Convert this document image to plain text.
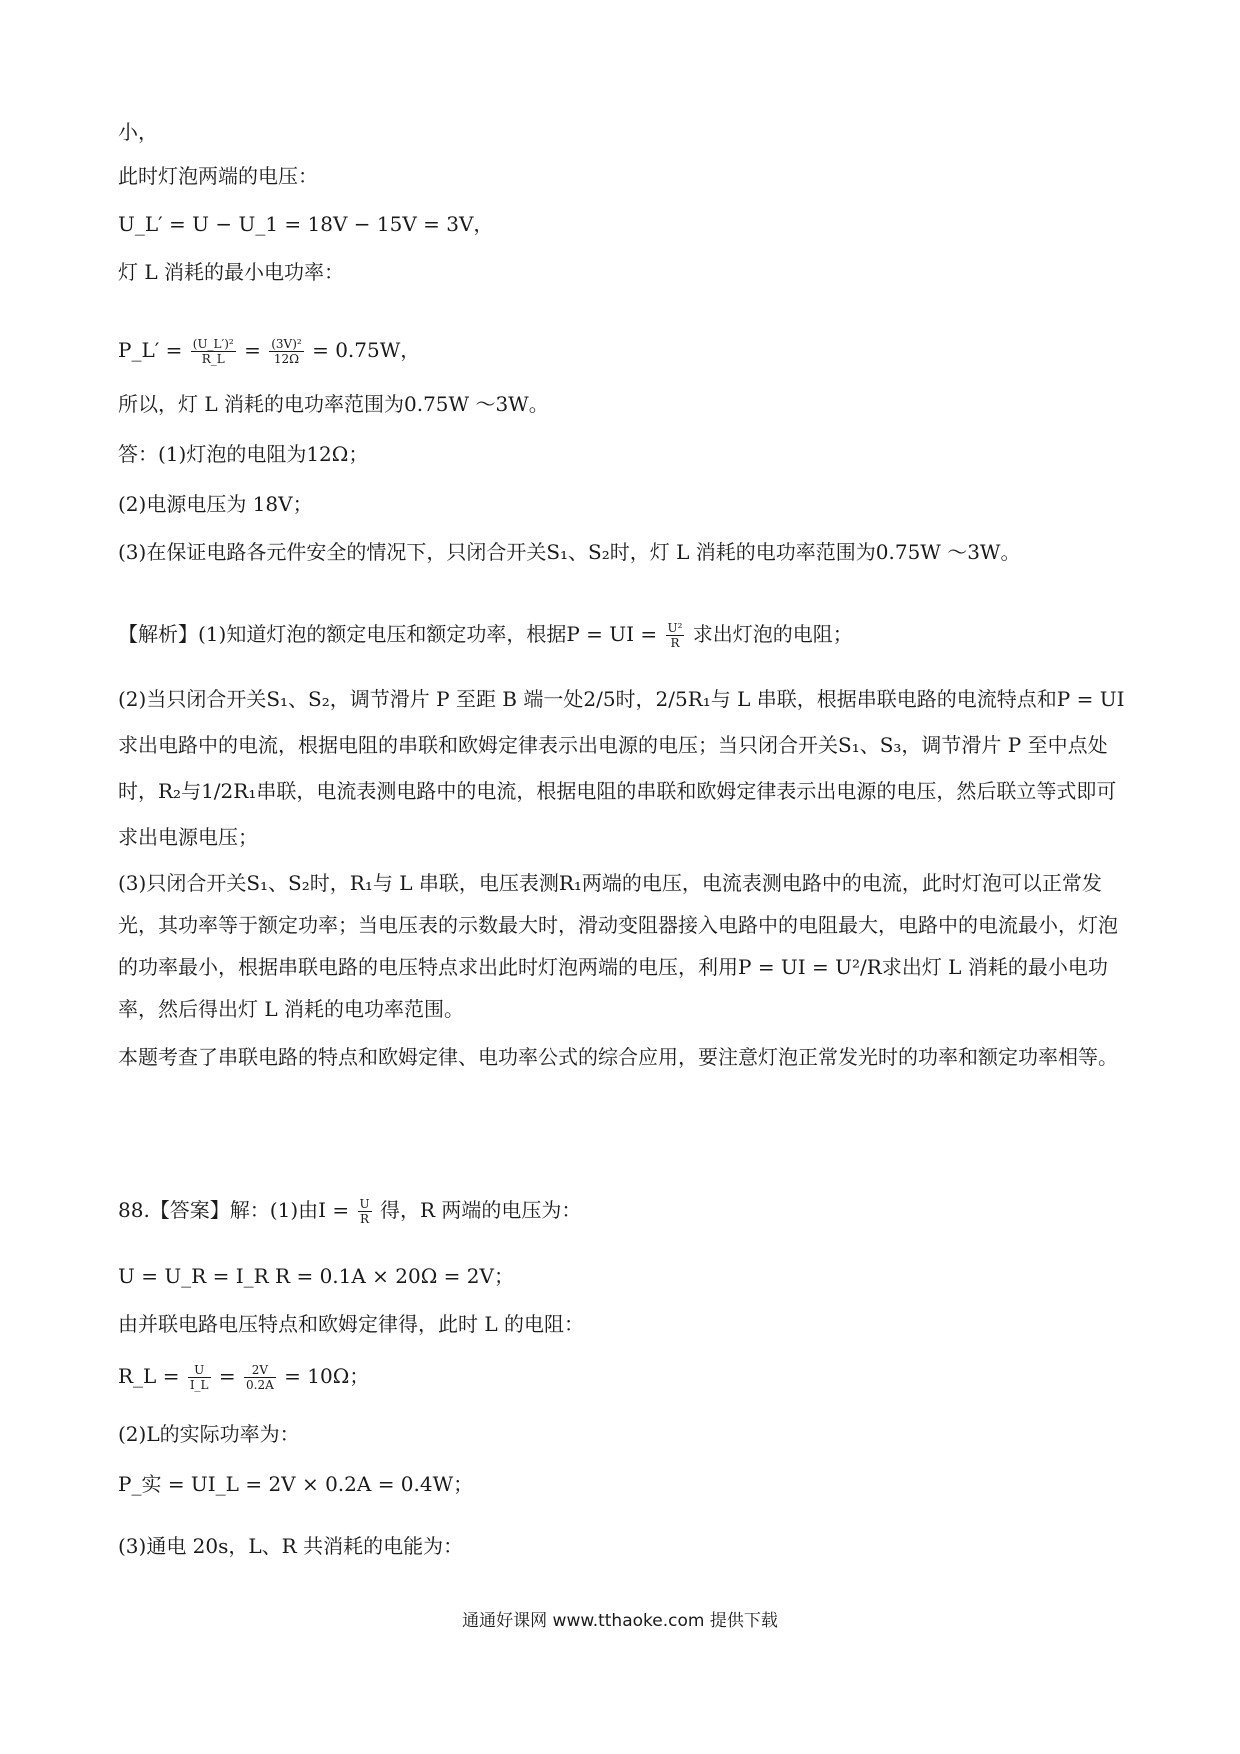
小，
此时灯泡两端的电压：
U_L′ = U − U_1 = 18V − 15V = 3V，
灯 L 消耗的最小电功率：
P_L′ = $\frac{\text{(U\_L′)²}}{R\_L} = \frac{\text{(3V)²}}{12\Omega} = 0.75W$，
所以，灯 L 消耗的电功率范围为0.75W ～3W。
答：(1)灯泡的电阻为12Ω；
(2)电源电压为 18V；
(3)在保证电路各元件安全的情况下，只闭合开关S₁、S₂时，灯 L 消耗的电功率范围为0.75W ～3W。
【解析】(1)知道灯泡的额定电压和额定功率，根据P = UI = $\frac{\text{U²}}{R}$ 求出灯泡的电阻；
(2)当只闭合开关S₁、S₂，调节滑片 P 至距 B 端一处2/5时，2/5R₁与 L 串联，根据串联电路的电流特点和P = UI求出电路中的电流，根据电阻的串联和欧姆定律表示出电源的电压；当只闭合开关S₁、S₃，调节滑片 P 至中点处时，R₂与1/2R₁串联，电流表测电路中的电流，根据电阻的串联和欧姆定律表示出电源的电压，然后联立等式即可求出电源电压；
(3)只闭合开关S₁、S₂时，R₁与 L 串联，电压表测R₁两端的电压，电流表测电路中的电流，此时灯泡可以正常发光，其功率等于额定功率；当电压表的示数最大时，滑动变阻器接入电路中的电阻最大，电路中的电流最小，灯泡的功率最小，根据串联电路的电压特点求出此时灯泡两端的电压，利用P = UI = U²/R求出灯 L 消耗的最小电功率，然后得出灯 L 消耗的电功率范围。
本题考查了串联电路的特点和欧姆定律、电功率公式的综合应用，要注意灯泡正常发光时的功率和额定功率相等。
88.【答案】解：(1)由$I = \frac{U}{R}$ 得，R 两端的电压为：
U = U_R = I_R R = 0.1A × 20Ω = 2V；
由并联电路电压特点和欧姆定律得，此时 L 的电阻：
R_L = $\frac{U}{I\_L} = \frac{2V}{0.2A} = 10\Omega$；
(2)L的实际功率为：
P_实 = UI_L = 2V × 0.2A = 0.4W；
(3)通电 20s，L、R 共消耗的电能为：
通通好课网 www.tthaoke.com 提供下载
